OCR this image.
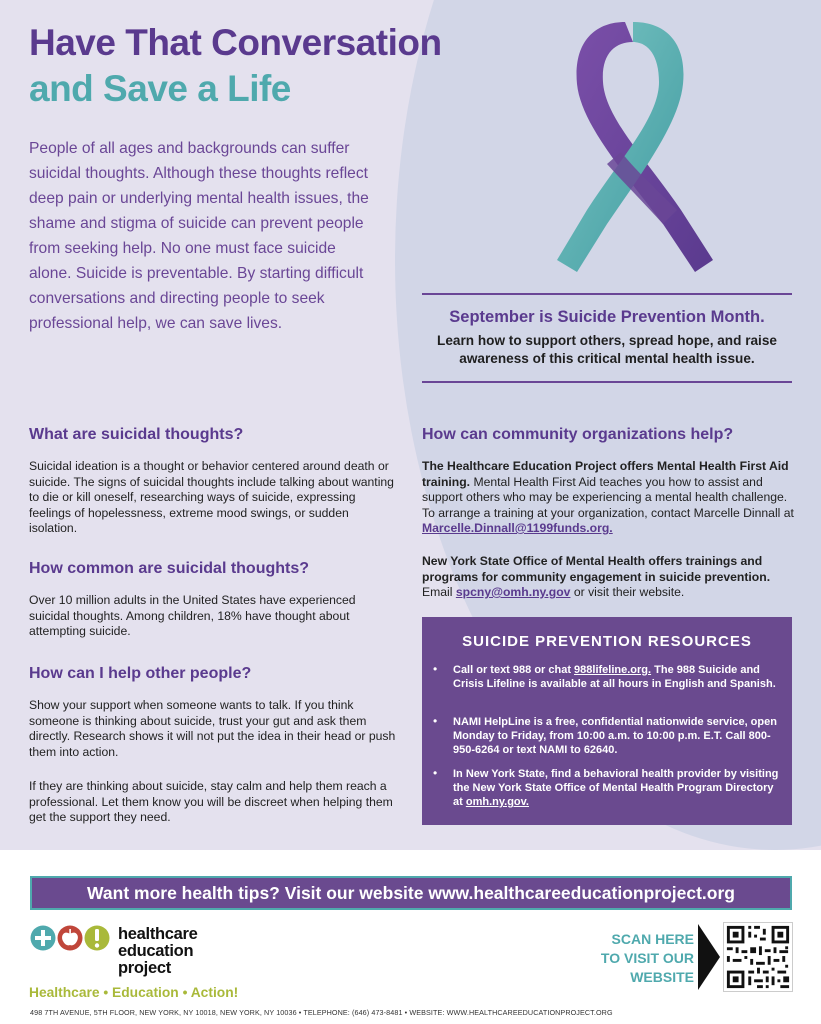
Have That Conversation
and Save a Life

People of all ages and backgrounds can suffer suicidal thoughts. Although these thoughts reflect deep pain or underlying mental health issues, the shame and stigma of suicide can prevent people from seeking help. No one must face suicide alone. Suicide is preventable. By starting difficult conversations and directing people to seek professional help, we can save lives.	September is Suicide Prevention Month.
Learn how to support others, spread hope, and raise awareness of this critical mental health issue.
What are suicidal thoughts?

Suicidal ideation is a thought or behavior centered around death or suicide. The signs of suicidal thoughts include talking about wanting to die or kill oneself, researching ways of suicide, expressing feelings of hopelessness, extreme mood swings, or sudden isolation.

How common are suicidal thoughts?

Over 10 million adults in the United States have experienced suicidal thoughts. Among children, 18% have thought about attempting suicide.

How can I help other people?

Show your support when someone wants to talk. If you think someone is thinking about suicide, trust your gut and ask them directly. Research shows it will not put the idea in their head or push them into action.

If they are thinking about suicide, stay calm and help them reach a professional. Let them know you will be discreet when helping them get the support they need.

How can community organizations help?

The Healthcare Education Project offers Mental Health First Aid training. Mental Health First Aid teaches you how to assist and support others who may be experiencing a mental health challenge. To arrange a training at your organization, contact Marcelle Dinnall at Marcelle.Dinnall@1199funds.org.

New York State Office of Mental Health offers trainings and programs for community engagement in suicide prevention. Email spcny@omh.ny.gov or visit their website.

SUICIDE PREVENTION RESOURCES
• Call or text 988 or chat 988lifeline.org. The 988 Suicide and Crisis Lifeline is available at all hours in English and Spanish.

• NAMI HelpLine is a free, confidential nationwide service, open Monday to Friday, from 10:00 a.m. to 10:00 p.m. E.T. Call 800-950-6264 or text NAMI to 62640.

• In New York State, find a behavioral health provider by visiting the New York State Office of Mental Health Program Directory at omh.ny.gov.

Want more health tips? Visit our website www.healthcareeducationproject.org
healthcare
education
project
Healthcare • Education • Action!
SCAN HERE
TO VISIT OUR
WEBSITE
498 7TH AVENUE, 5TH FLOOR, NEW YORK, NY 10018, NEW YORK, NY 10036 • TELEPHONE: (646) 473-8481 • WEBSITE: WWW.HEALTHCAREEDUCATIONPROJECT.ORG
